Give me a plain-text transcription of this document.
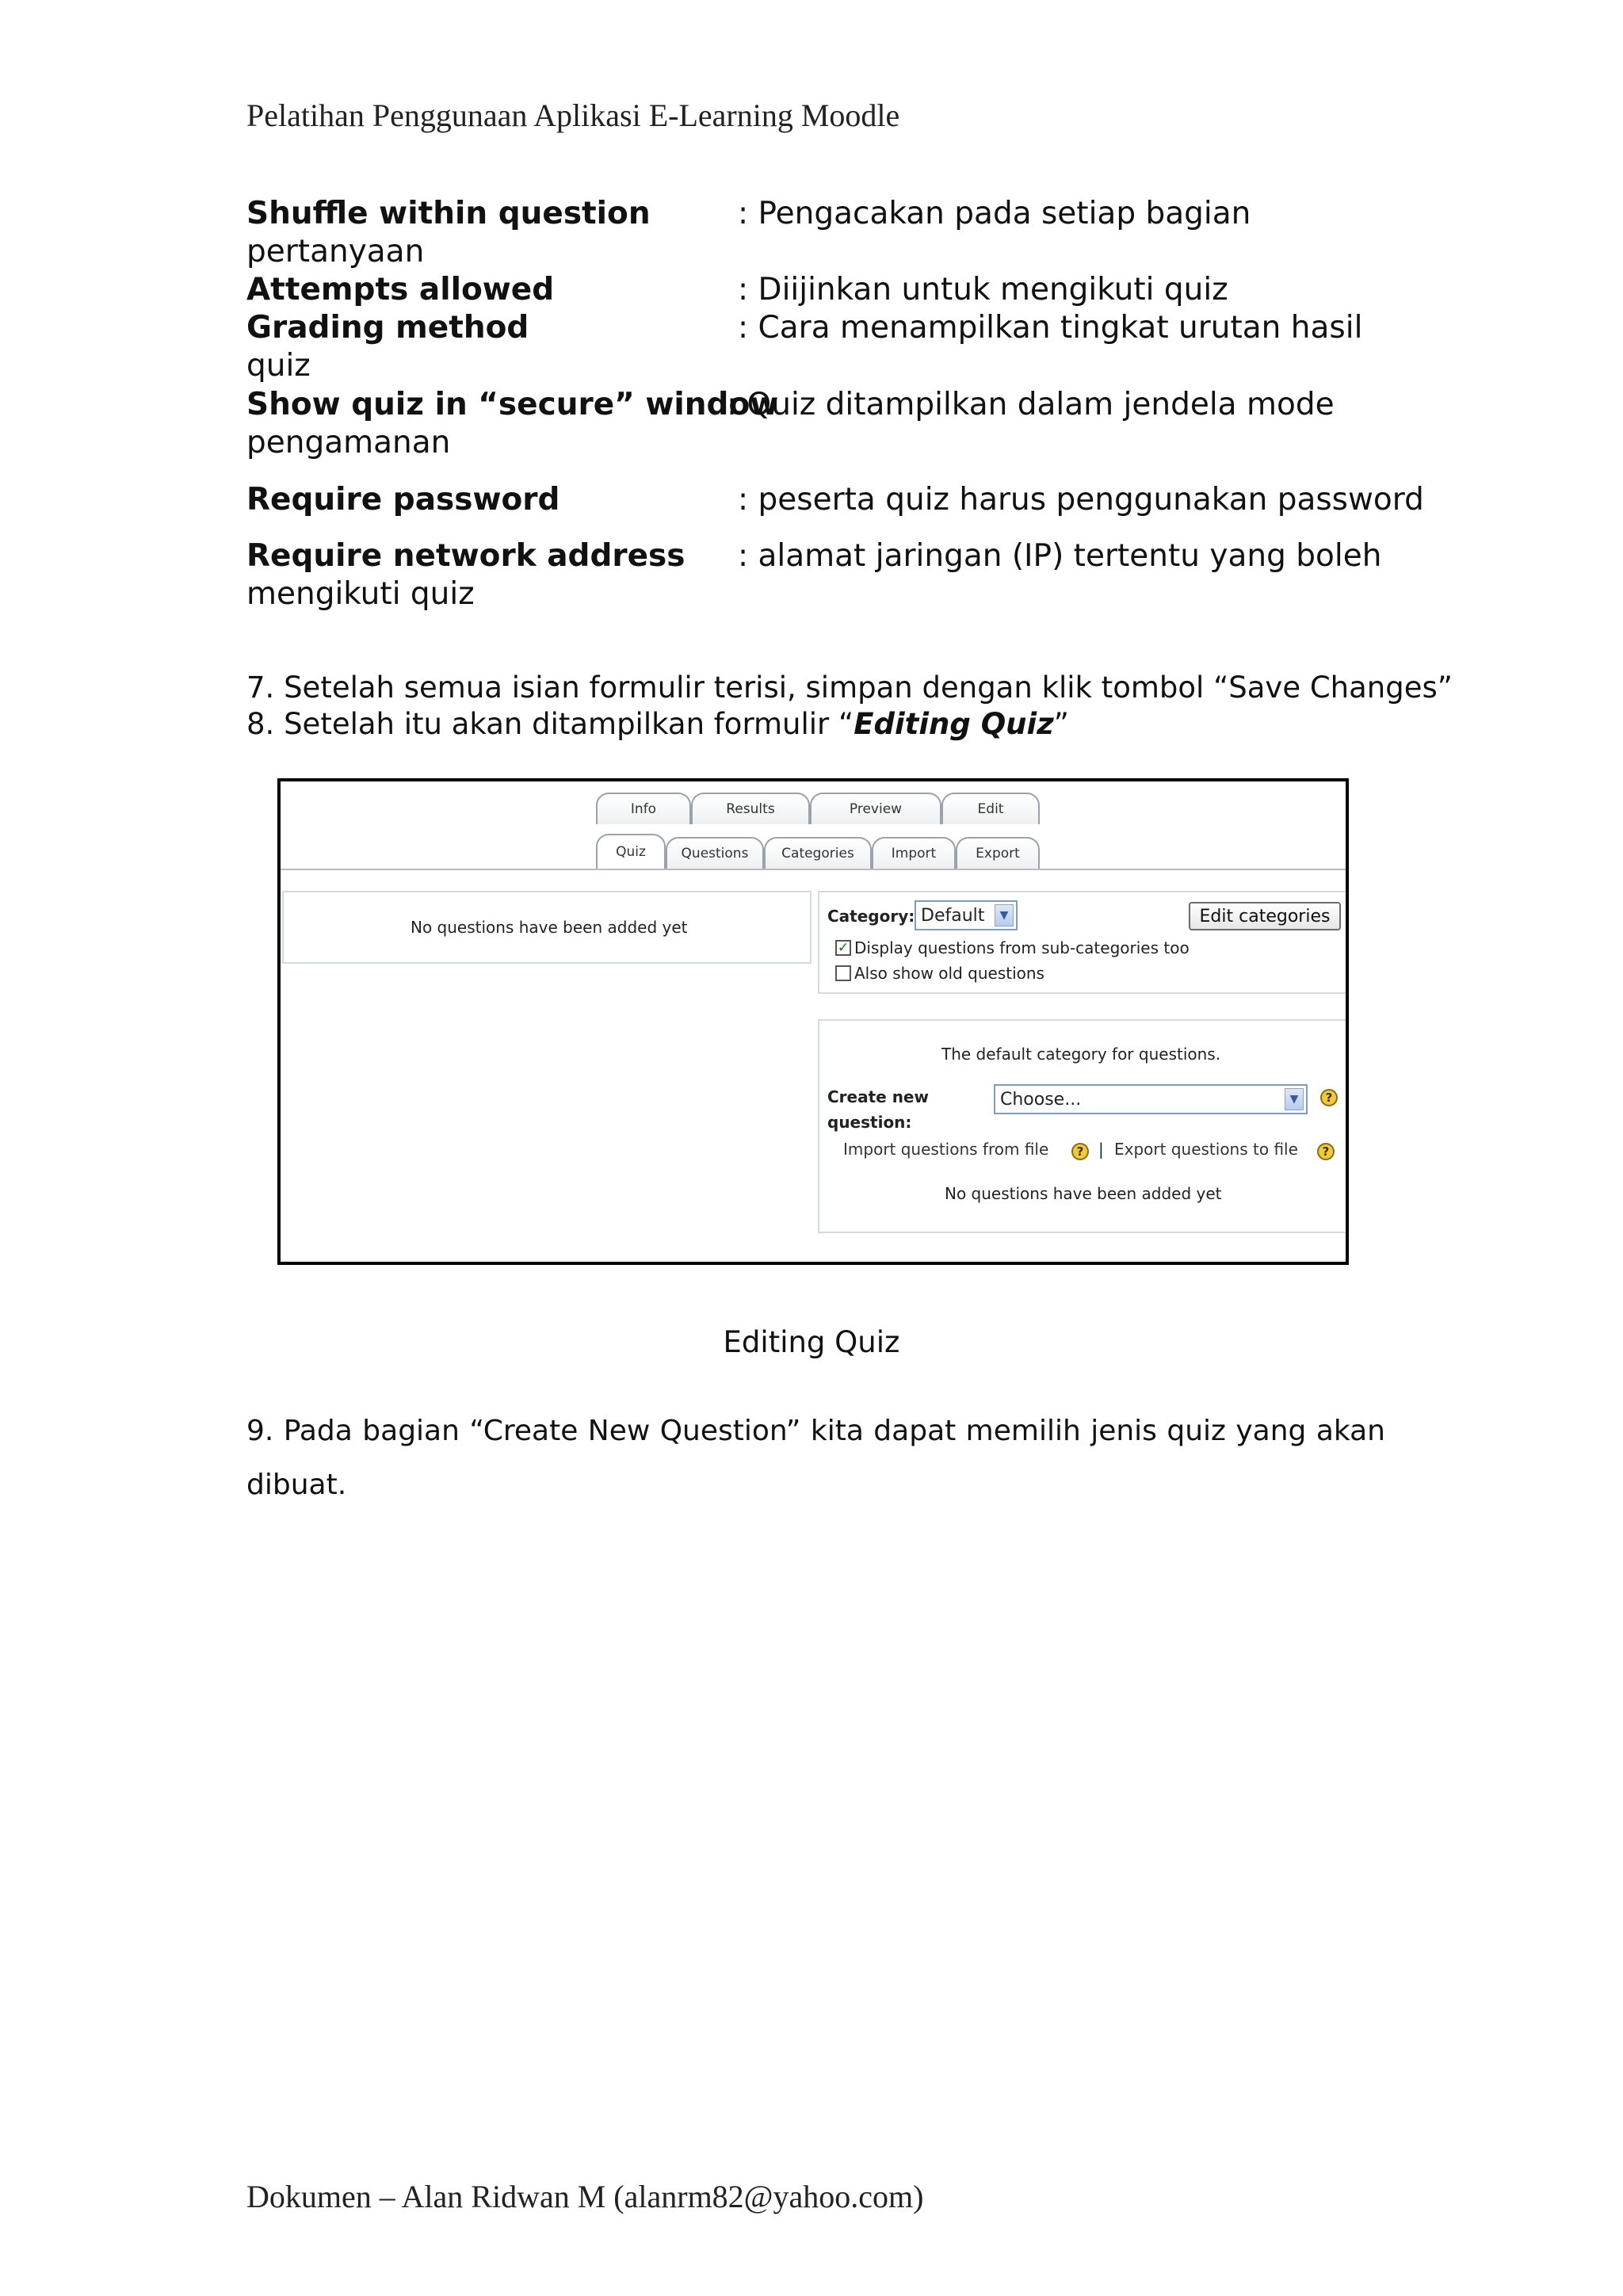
Pelatihan Penggunaan Aplikasi E-Learning Moodle
Shuffle within question	: Pengacakan pada setiap bagian
pertanyaan
Attempts allowed	: Diijinkan untuk mengikuti quiz
Grading method	: Cara menampilkan tingkat urutan hasil
quiz
Show quiz in “secure” window
: Quiz ditampilkan dalam jendela mode
pengamanan
Require password	: peserta quiz harus penggunakan password
Require network address : alamat jaringan (IP) tertentu yang boleh
mengikuti quiz
7. Setelah semua isian formulir terisi, simpan dengan klik tombol “Save Changes”
8. Setelah itu akan ditampilkan formulir “Editing Quiz”
Info	Results	Preview	Edit
Quiz	Questions	Categories	Import	Export
No questions have been added yet
Category: Default	▼	Edit categories
✓ Display questions from sub-categories too
Also show old questions
The default category for questions.
Create new
question:
Choose...	▼	?
Import questions from file	? | Export questions to file	?
No questions have been added yet
Editing Quiz
9. Pada bagian “Create New Question” kita dapat memilih jenis quiz yang akan dibuat.
Dokumen – Alan Ridwan M (alanrm82@yahoo.com)
